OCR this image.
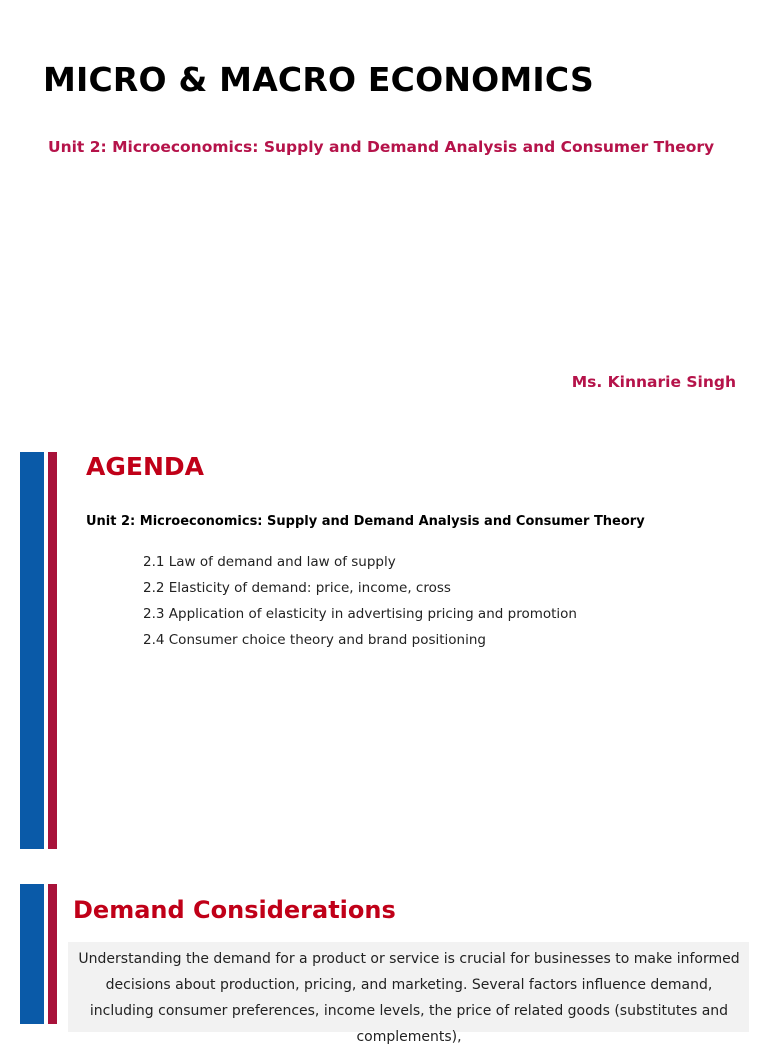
MICRO & MACRO ECONOMICS
Unit 2: Microeconomics: Supply and Demand Analysis and Consumer Theory
Ms. Kinnarie Singh
AGENDA
Unit 2: Microeconomics: Supply and Demand Analysis and Consumer Theory
2.1 Law of demand and law of supply
2.2 Elasticity of demand: price, income, cross
2.3 Application of elasticity in advertising pricing and promotion
2.4 Consumer choice theory and brand positioning
Demand Considerations

Understanding the demand for a product or service is crucial for businesses to make informed decisions about production, pricing, and marketing. Several factors influence demand, including consumer preferences, income levels, the price of related goods (substitutes and complements),
